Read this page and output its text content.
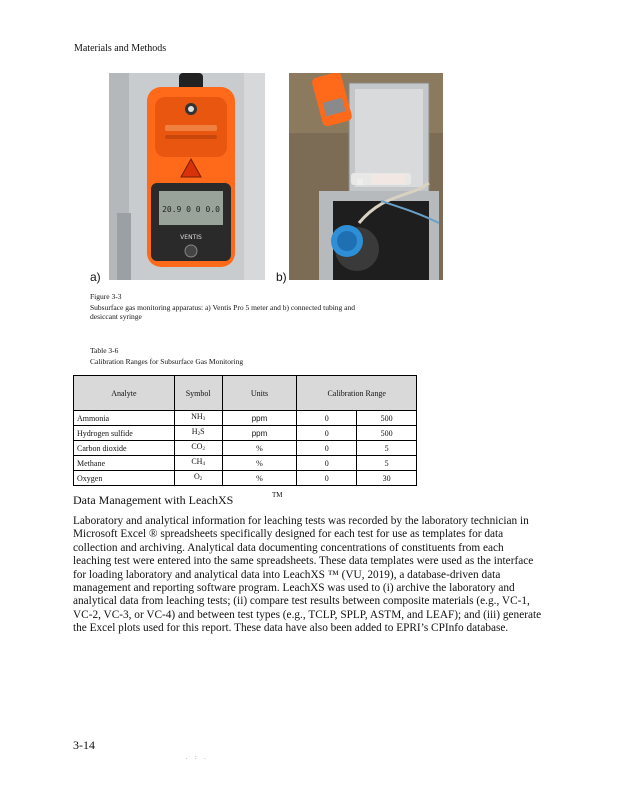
Materials and Methods
20.9 0 0 0.0
VENTIS
a)	b)
Figure 3-3
Subsurface gas monitoring apparatus: a) Ventis Pro 5 meter and b) connected tubing and desiccant syringe
Table 3-6
Calibration Ranges for Subsurface Gas Monitoring
Analyte	Symbol	Units	Calibration Range	
Ammonia	$NH_3$	ppm	0	500
Hydrogen sulfide	$H_2S$	ppm	0	500
Carbon dioxide	$CO_2$	%	0	5
Methane	$CH_4$	%	0	5
Oxygen	$O_2$	%	0	30
Data Management with LeachXS	TM
Laboratory and analytical information for leaching tests was recorded by the laboratory technician in Microsoft Excel ® spreadsheets specifically designed for each test for use as templates for data collection and archiving. Analytical data documenting concentrations of constituents from each leaching test were entered into the same spreadsheets. These data templates were used as the interface for loading laboratory and analytical data into LeachXS ™ (VU, 2019), a database-driven data management and reporting software program. LeachXS was used to (i) archive the laboratory and analytical data from leaching tests; (ii) compare test results between composite materials (e.g., VC-1, VC-2, VC-3, or VC-4) and between test types (e.g., TCLP, SPLP, ASTM, and LEAF); and (iii) generate the Excel plots used for this report. These data have also been added to EPRI’s CPInfo database.
3-14
. : .
